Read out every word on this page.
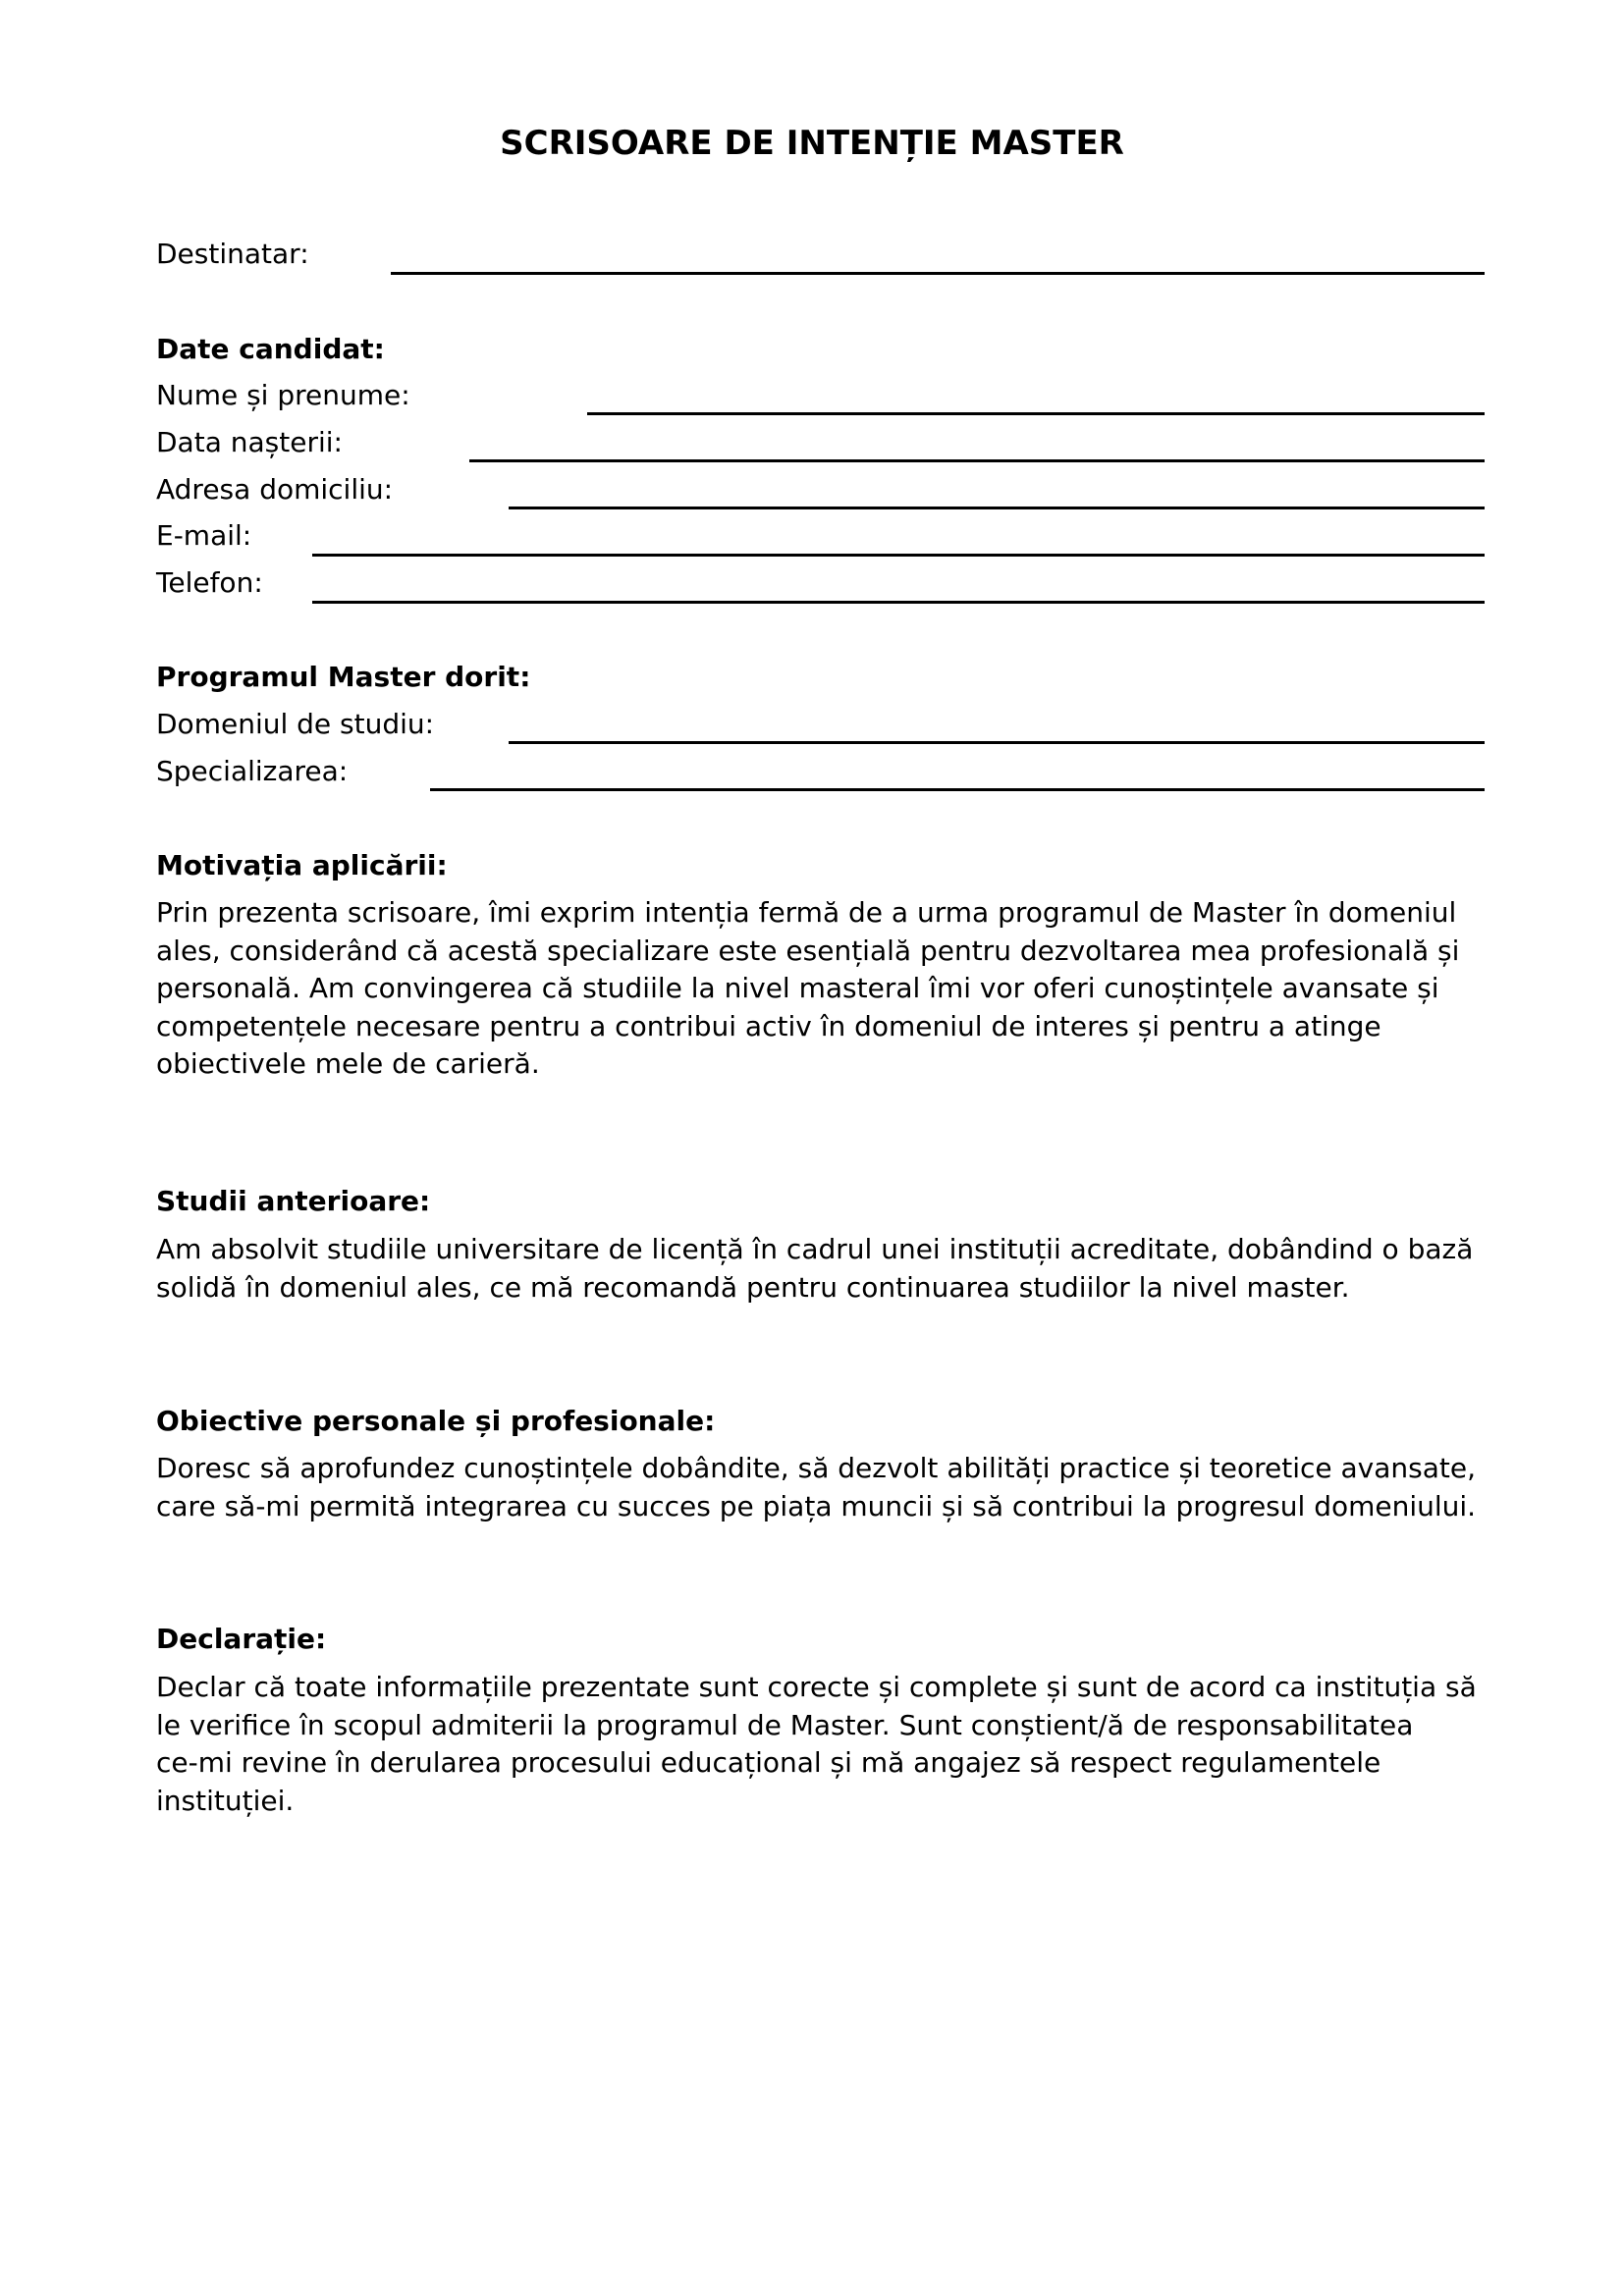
SCRISOARE DE INTENȚIE MASTER
Destinatar:
Date candidat:
Nume și prenume:
Data nașterii:
Adresa domiciliu:
E-mail:
Telefon:
Programul Master dorit:
Domeniul de studiu:
Specializarea:
Motivația aplicării:
Prin prezenta scrisoare, îmi exprim intenția fermă de a urma programul de Master în domeniul
ales, considerând că acestă specializare este esențială pentru dezvoltarea mea profesională și
personală. Am convingerea că studiile la nivel masteral îmi vor oferi cunoștințele avansate și
competențele necesare pentru a contribui activ în domeniul de interes și pentru a atinge
obiectivele mele de carieră.
Studii anterioare:
Am absolvit studiile universitare de licență în cadrul unei instituții acreditate, dobândind o bază
solidă în domeniul ales, ce mă recomandă pentru continuarea studiilor la nivel master.
Obiective personale și profesionale:
Doresc să aprofundez cunoștințele dobândite, să dezvolt abilități practice și teoretice avansate,
care să-mi permită integrarea cu succes pe piața muncii și să contribui la progresul domeniului.
Declarație:
Declar că toate informațiile prezentate sunt corecte și complete și sunt de acord ca instituția să
le verifice în scopul admiterii la programul de Master. Sunt conștient/ă de responsabilitatea
ce-mi revine în derularea procesului educațional și mă angajez să respect regulamentele
instituției.
